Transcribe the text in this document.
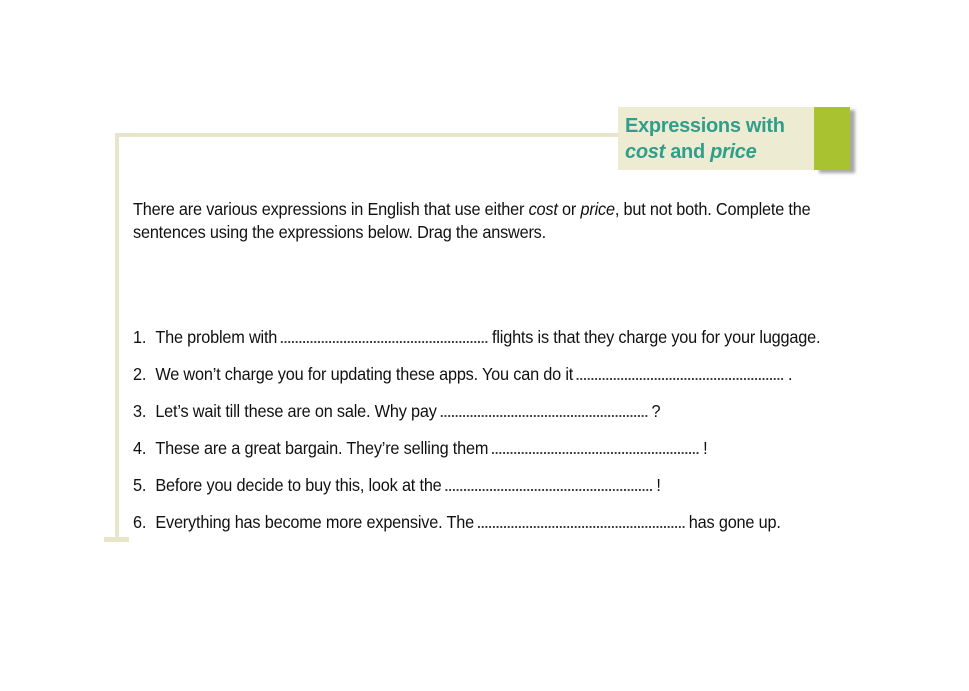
Expressions with
cost and price

There are various expressions in English that use either cost or price, but not both. Complete the sentences using the expressions below. Drag the answers.

1. The problem with	flights is that they charge you for your luggage.
2. We won’t charge you for updating these apps. You can do it	.
3. Let’s wait till these are on sale. Why pay	?
4. These are a great bargain. They’re selling them	!
5. Before you decide to buy this, look at the	!
6. Everything has become more expensive. The	has gone up.
